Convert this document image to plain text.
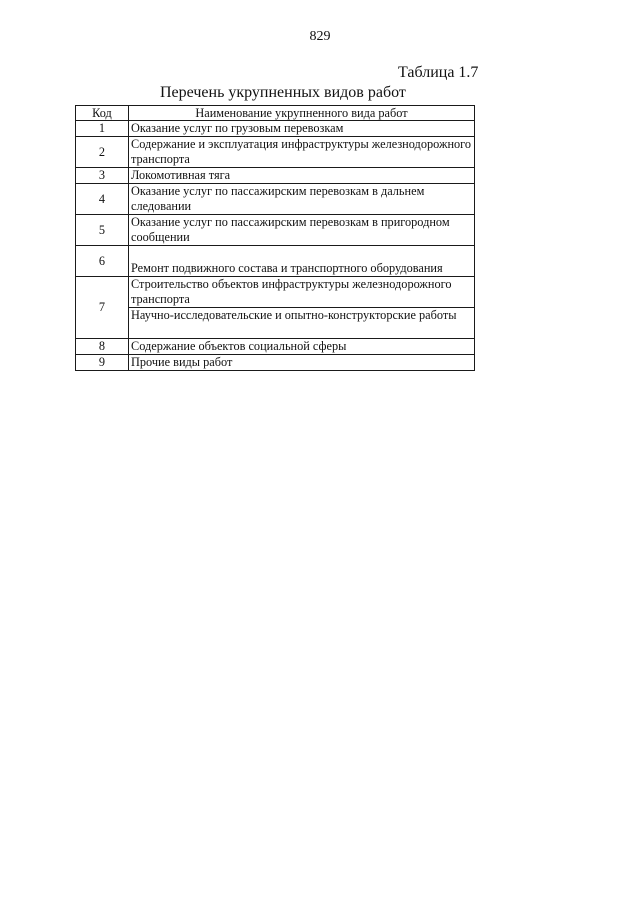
829
Таблица 1.7
Перечень укрупненных видов работ
Код	Наименование укрупненного вида работ
1	Оказание услуг по грузовым перевозкам
2	Содержание и эксплуатация инфраструктуры железнодорожного транспорта
3	Локомотивная тяга
4	Оказание услуг по пассажирским перевозкам в дальнем следовании
5	Оказание услуг по пассажирским перевозкам в пригородном сообщении
6	Ремонт подвижного состава и транспортного оборудования
7	Строительство объектов инфраструктуры железнодорожного транспорта
	Научно-исследовательские и опытно-конструкторские работы
8	Содержание объектов социальной сферы
9	Прочие виды работ
